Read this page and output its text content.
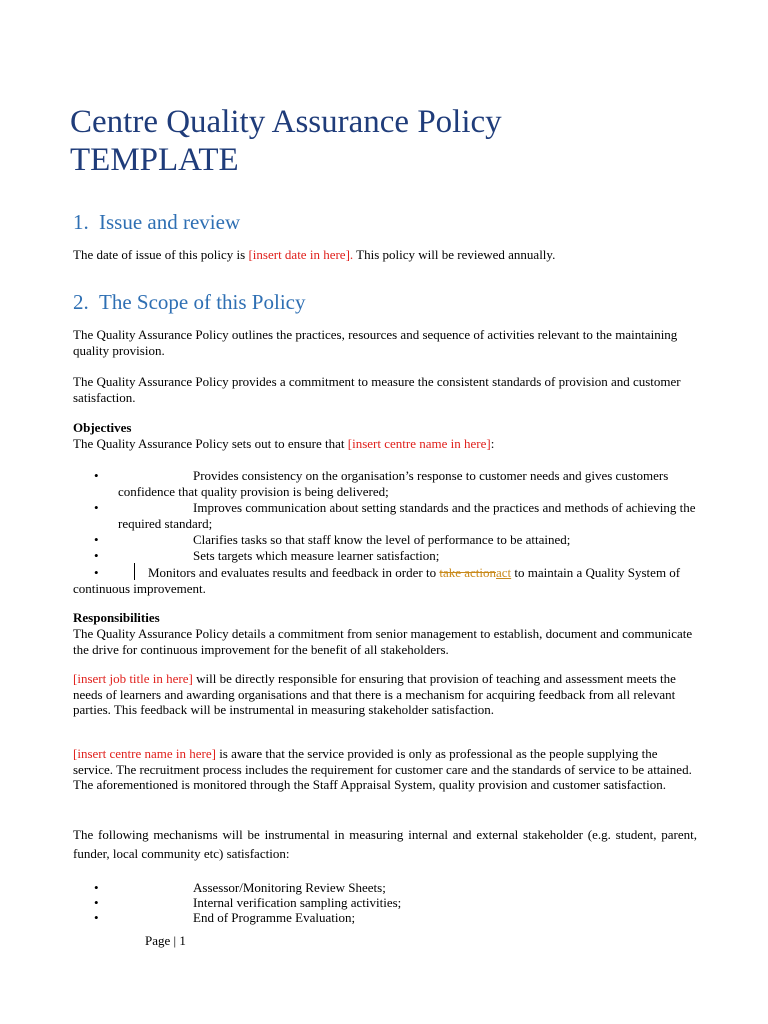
Centre Quality Assurance Policy
TEMPLATE
1. Issue and review

The date of issue of this policy is [insert date in here]. This policy will be reviewed annually.

2. The Scope of this Policy

The Quality Assurance Policy outlines the practices, resources and sequence of activities relevant to the maintaining quality provision.

The Quality Assurance Policy provides a commitment to measure the consistent standards of provision and customer satisfaction.

Objectives

The Quality Assurance Policy sets out to ensure that [insert centre name in here]:

•	Provides consistency on the organisation’s response to customer needs and gives customers confidence that quality provision is being delivered;
•	Improves communication about setting standards and the practices and methods of achieving the required standard;
•	Clarifies tasks so that staff know the level of performance to be attained;
•	Sets targets which measure learner satisfaction;
•	Monitors and evaluates results and feedback in order to take actionact to maintain a Quality System of continuous improvement.

Responsibilities

The Quality Assurance Policy details a commitment from senior management to establish, document and communicate the drive for continuous improvement for the benefit of all stakeholders.

[insert job title in here] will be directly responsible for ensuring that provision of teaching and assessment meets the needs of learners and awarding organisations and that there is a mechanism for acquiring feedback from all relevant parties. This feedback will be instrumental in measuring stakeholder satisfaction.

[insert centre name in here] is aware that the service provided is only as professional as the people supplying the service. The recruitment process includes the requirement for customer care and the standards of service to be attained. The aforementioned is monitored through the Staff Appraisal System, quality provision and customer satisfaction.

The following mechanisms will be instrumental in measuring internal and external stakeholder (e.g. student, parent, funder, local community etc) satisfaction:

•	Assessor/Monitoring Review Sheets;
•	Internal verification sampling activities;
•	End of Programme Evaluation;
Page | 1
